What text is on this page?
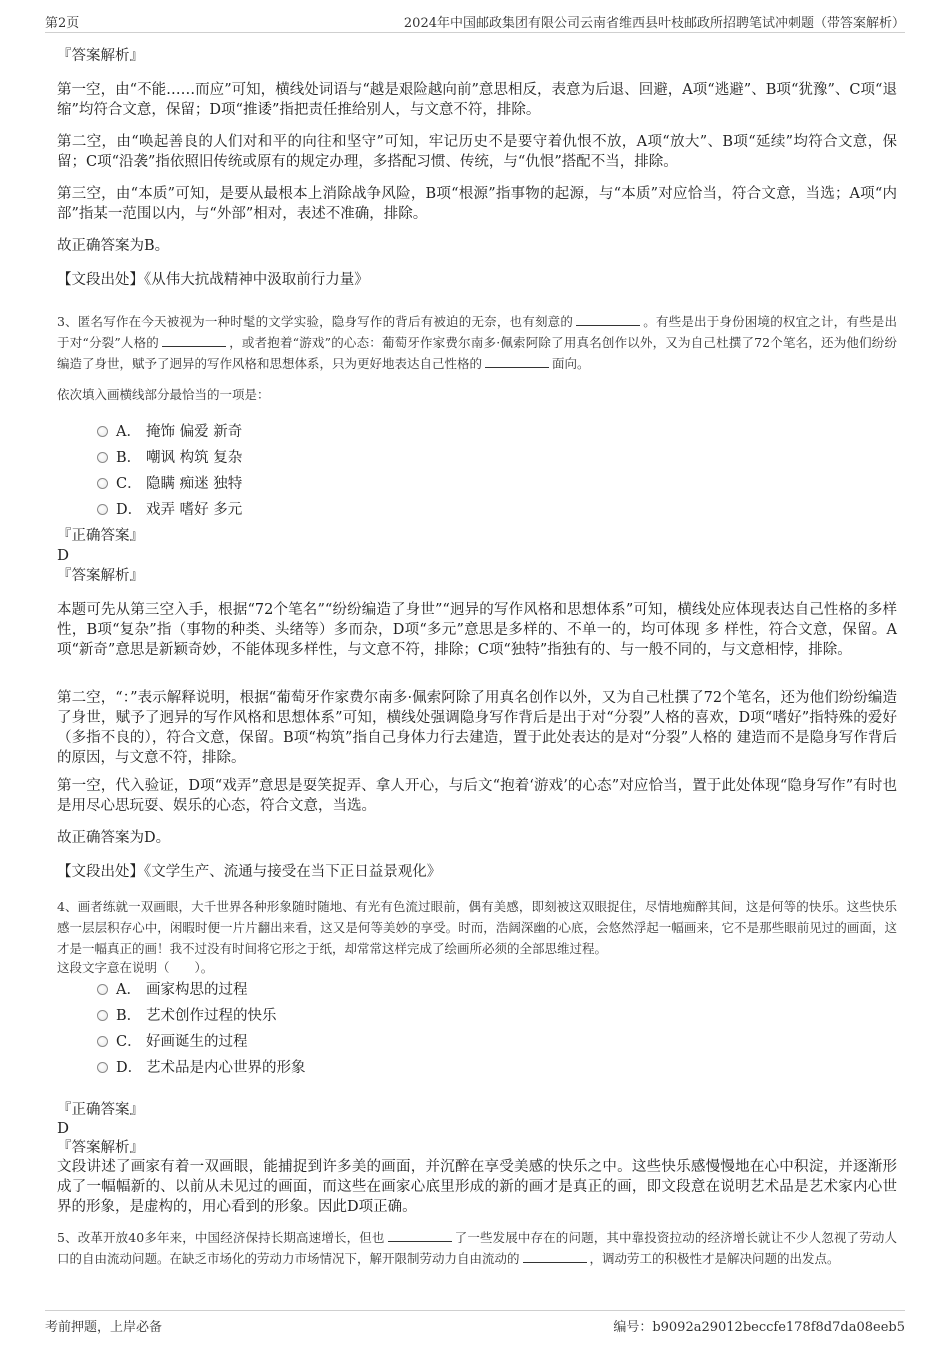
第2页	2024年中国邮政集团有限公司云南省维西县叶枝邮政所招聘笔试冲刺题（带答案解析）

『答案解析』

第一空，由“不能……而应”可知，横线处词语与“越是艰险越向前”意思相反，表意为后退、回避，A项“逃避”、B项“犹豫”、C项“退缩”均符合文意，保留；D项“推诿”指把责任推给别人，与文意不符，排除。

第二空，由“唤起善良的人们对和平的向往和坚守”可知，牢记历史不是要守着仇恨不放，A项“放大”、B项“延续”均符合文意，保留；C项“沿袭”指依照旧传统或原有的规定办理，多搭配习惯、传统，与“仇恨”搭配不当，排除。

第三空，由“本质”可知，是要从最根本上消除战争风险，B项“根源”指事物的起源，与“本质”对应恰当，符合文意，当选；A项“内部”指某一范围以内，与“外部”相对，表述不准确，排除。

故正确答案为B。

【文段出处】《从伟大抗战精神中汲取前行力量》

3、匿名写作在今天被视为一种时髦的文学实验，隐身写作的背后有被迫的无奈，也有刻意的	。有些是出于身份困境的权宜之计，有些是出于对“分裂”人格的	，或者抱着“游戏”的心态：葡萄牙作家费尔南多·佩索阿除了用真名创作以外，又为自己杜撰了72个笔名，还为他们纷纷编造了身世，赋予了迥异的写作风格和思想体系，只为更好地表达自己性格的	面向。

依次填入画横线部分最恰当的一项是：

A． 掩饰 偏爱 新奇
B． 嘲讽 构筑 复杂
C． 隐瞒 痴迷 独特
D． 戏弄 嗜好 多元

『正确答案』

D

『答案解析』

本题可先从第三空入手，根据“72个笔名”“纷纷编造了身世”“迥异的写作风格和思想体系”可知，横线处应体现表达自己性格的多样性，B项“复杂”指（事物的种类、头绪等）多而杂，D项“多元”意思是多样的、不单一的，均可体现 多 样性，符合文意，保留。A项“新奇”意思是新颖奇妙，不能体现多样性，与文意不符，排除；C项“独特”指独有的、与一般不同的，与文意相悖，排除。

第二空，“：”表示解释说明，根据“葡萄牙作家费尔南多·佩索阿除了用真名创作以外，又为自己杜撰了72个笔名，还为他们纷纷编造了身世，赋予了迥异的写作风格和思想体系”可知，横线处强调隐身写作背后是出于对“分裂”人格的喜欢，D项“嗜好”指特殊的爱好（多指不良的），符合文意，保留。B项“构筑”指自己身体力行去建造，置于此处表达的是对“分裂”人格的 建造而不是隐身写作背后的原因，与文意不符，排除。

第一空，代入验证，D项“戏弄”意思是耍笑捉弄、拿人开心，与后文“抱着‘游戏’的心态”对应恰当，置于此处体现“隐身写作”有时也是用尽心思玩耍、娱乐的心态，符合文意，当选。

故正确答案为D。

【文段出处】《文学生产、流通与接受在当下正日益景观化》

4、画者练就一双画眼，大千世界各种形象随时随地、有光有色流过眼前，偶有美感，即刻被这双眼捉住，尽情地痴醉其间，这是何等的快乐。这些快乐感一层层积存心中，闲暇时便一片片翻出来看，这又是何等美妙的享受。时而，浩阔深幽的心底，会悠然浮起一幅画来，它不是那些眼前见过的画面，这才是一幅真正的画！我不过没有时间将它形之于纸，却常常这样完成了绘画所必须的全部思维过程。

这段文字意在说明（　　）。

A． 画家构思的过程
B． 艺术创作过程的快乐
C． 好画诞生的过程
D． 艺术品是内心世界的形象

『正确答案』

D

『答案解析』

文段讲述了画家有着一双画眼，能捕捉到许多美的画面，并沉醉在享受美感的快乐之中。这些快乐感慢慢地在心中积淀，并逐渐形成了一幅幅新的、以前从未见过的画面，而这些在画家心底里形成的新的画才是真正的画，即文段意在说明艺术品是艺术家内心世界的形象，是虚构的，用心看到的形象。因此D项正确。

5、改革开放40多年来，中国经济保持长期高速增长，但也	了一些发展中存在的问题，其中靠投资拉动的经济增长就让不少人忽视了劳动人口的自由流动问题。在缺乏市场化的劳动力市场情况下，解开限制劳动力自由流动的	，调动劳工的积极性才是解决问题的出发点。

考前押题，上岸必备	编号：b9092a29012beccfe178f8d7da08eeb5
